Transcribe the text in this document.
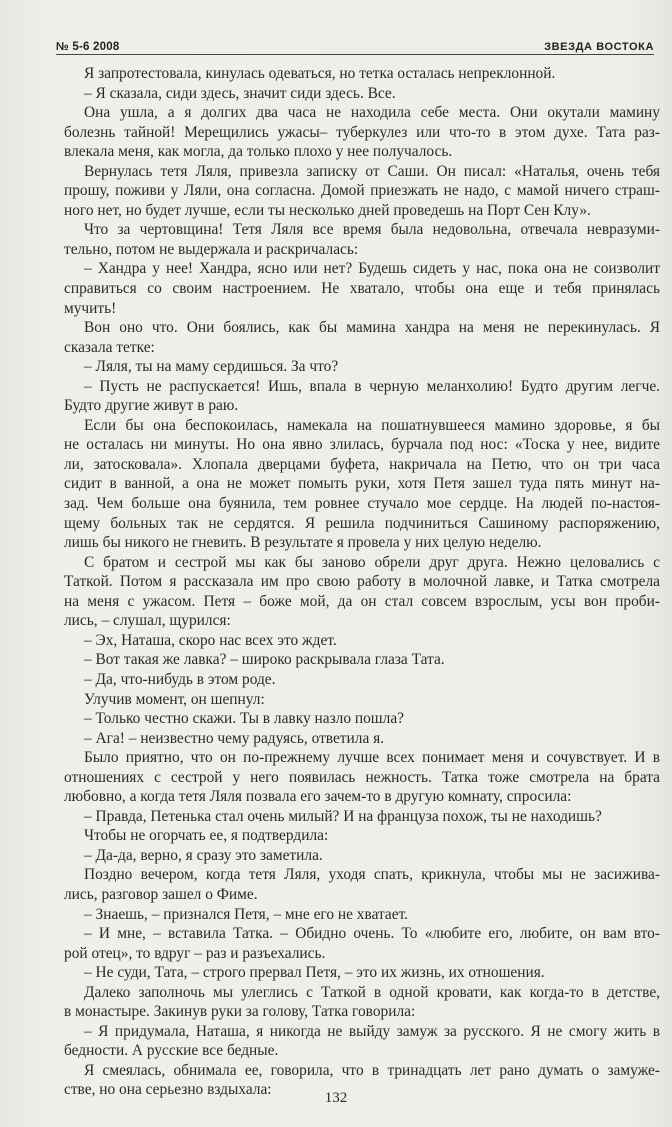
№ 5-6 2008	ЗВЕЗДА ВОСТОКА
Я запротестовала, кинулась одеваться, но тетка осталась непреклонной.
– Я сказала, сиди здесь, значит сиди здесь. Все.
Она ушла, а я долгих два часа не находила себе места. Они окутали мамину
болезнь тайной! Мерещились ужасы– туберкулез или что-то в этом духе. Тата раз-
влекала меня, как могла, да только плохо у нее получалось.
Вернулась тетя Ляля, привезла записку от Саши. Он писал: «Наталья, очень тебя
прошу, поживи у Ляли, она согласна. Домой приезжать не надо, с мамой ничего страш-
ного нет, но будет лучше, если ты несколько дней проведешь на Порт Сен Клу».
Что за чертовщина! Тетя Ляля все время была недовольна, отвечала невразуми-
тельно, потом не выдержала и раскричалась:
– Хандра у нее! Хандра, ясно или нет? Будешь сидеть у нас, пока она не соизволит
справиться со своим настроением. Не хватало, чтобы она еще и тебя принялась
мучить!
Вон оно что. Они боялись, как бы мамина хандра на меня не перекинулась. Я
сказала тетке:
– Ляля, ты на маму сердишься. За что?
– Пусть не распускается! Ишь, впала в черную меланхолию! Будто другим легче.
Будто другие живут в раю.
Если бы она беспокоилась, намекала на пошатнувшееся мамино здоровье, я бы
не осталась ни минуты. Но она явно злилась, бурчала под нос: «Тоска у нее, видите
ли, затосковала». Хлопала дверцами буфета, накричала на Петю, что он три часа
сидит в ванной, а она не может помыть руки, хотя Петя зашел туда пять минут на-
зад. Чем больше она буянила, тем ровнее стучало мое сердце. На людей по-настоя-
щему больных так не сердятся. Я решила подчиниться Сашиному распоряжению,
лишь бы никого не гневить. В результате я провела у них целую неделю.
С братом и сестрой мы как бы заново обрели друг друга. Нежно целовались с
Таткой. Потом я рассказала им про свою работу в молочной лавке, и Татка смотрела
на меня с ужасом. Петя – боже мой, да он стал совсем взрослым, усы вон проби-
лись, – слушал, щурился:
– Эх, Наташа, скоро нас всех это ждет.
– Вот такая же лавка? – широко раскрывала глаза Тата.
– Да, что-нибудь в этом роде.
Улучив момент, он шепнул:
– Только честно скажи. Ты в лавку назло пошла?
– Ага! – неизвестно чему радуясь, ответила я.
Было приятно, что он по-прежнему лучше всех понимает меня и сочувствует. И в
отношениях с сестрой у него появилась нежность. Татка тоже смотрела на брата
любовно, а когда тетя Ляля позвала его зачем-то в другую комнату, спросила:
– Правда, Петенька стал очень милый? И на француза похож, ты не находишь?
Чтобы не огорчать ее, я подтвердила:
– Да-да, верно, я сразу это заметила.
Поздно вечером, когда тетя Ляля, уходя спать, крикнула, чтобы мы не засижива-
лись, разговор зашел о Фиме.
– Знаешь, – признался Петя, – мне его не хватает.
– И мне, – вставила Татка. – Обидно очень. То «любите его, любите, он вам вто-
рой отец», то вдруг – раз и разъехались.
– Не суди, Тата, – строго прервал Петя, – это их жизнь, их отношения.
Далеко заполночь мы улеглись с Таткой в одной кровати, как когда-то в детстве,
в монастыре. Закинув руки за голову, Татка говорила:
– Я придумала, Наташа, я никогда не выйду замуж за русского. Я не смогу жить в
бедности. А русские все бедные.
Я смеялась, обнимала ее, говорила, что в тринадцать лет рано думать о замуже-
стве, но она серьезно вздыхала:	132
